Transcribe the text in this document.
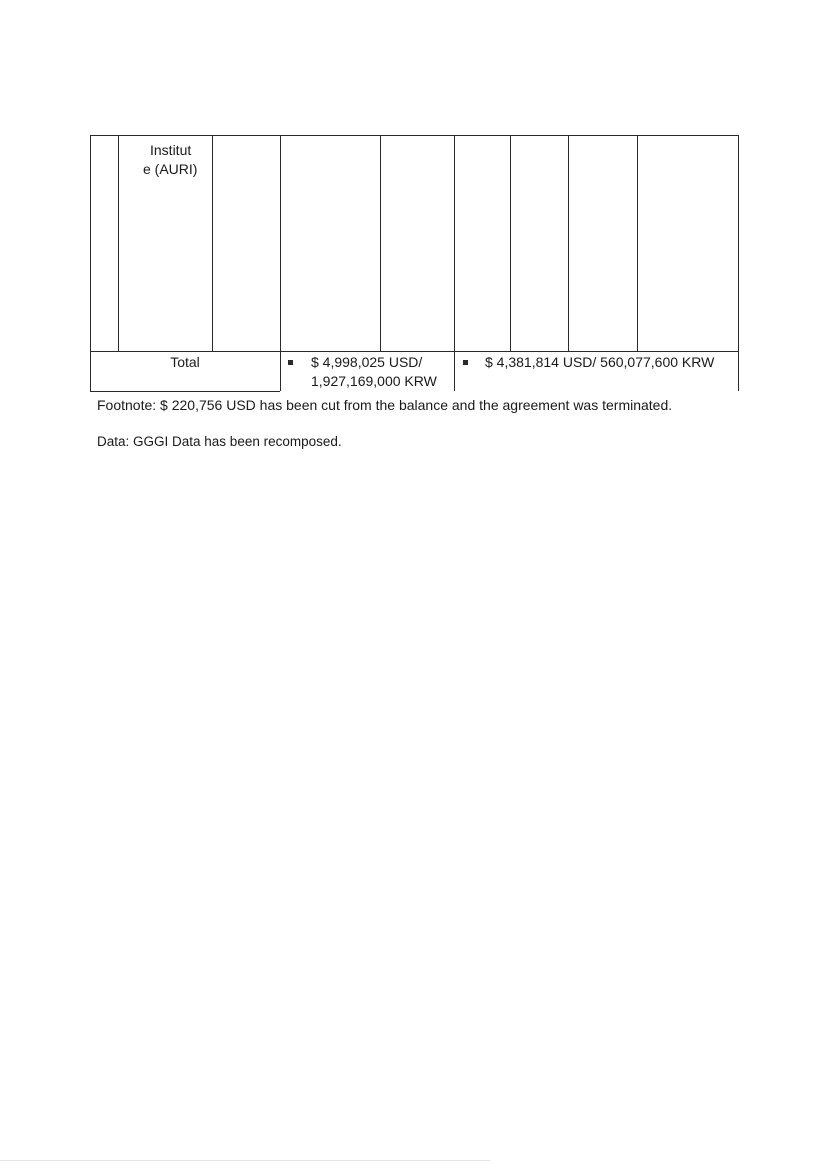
Institut
e (AURI)
Total	$ 4,998,025 USD/
1,927,169,000 KRW
$ 4,381,814 USD/ 560,077,600 KRW
Footnote: $ 220,756 USD has been cut from the balance and the agreement was terminated.
Data: GGGI Data has been recomposed.
